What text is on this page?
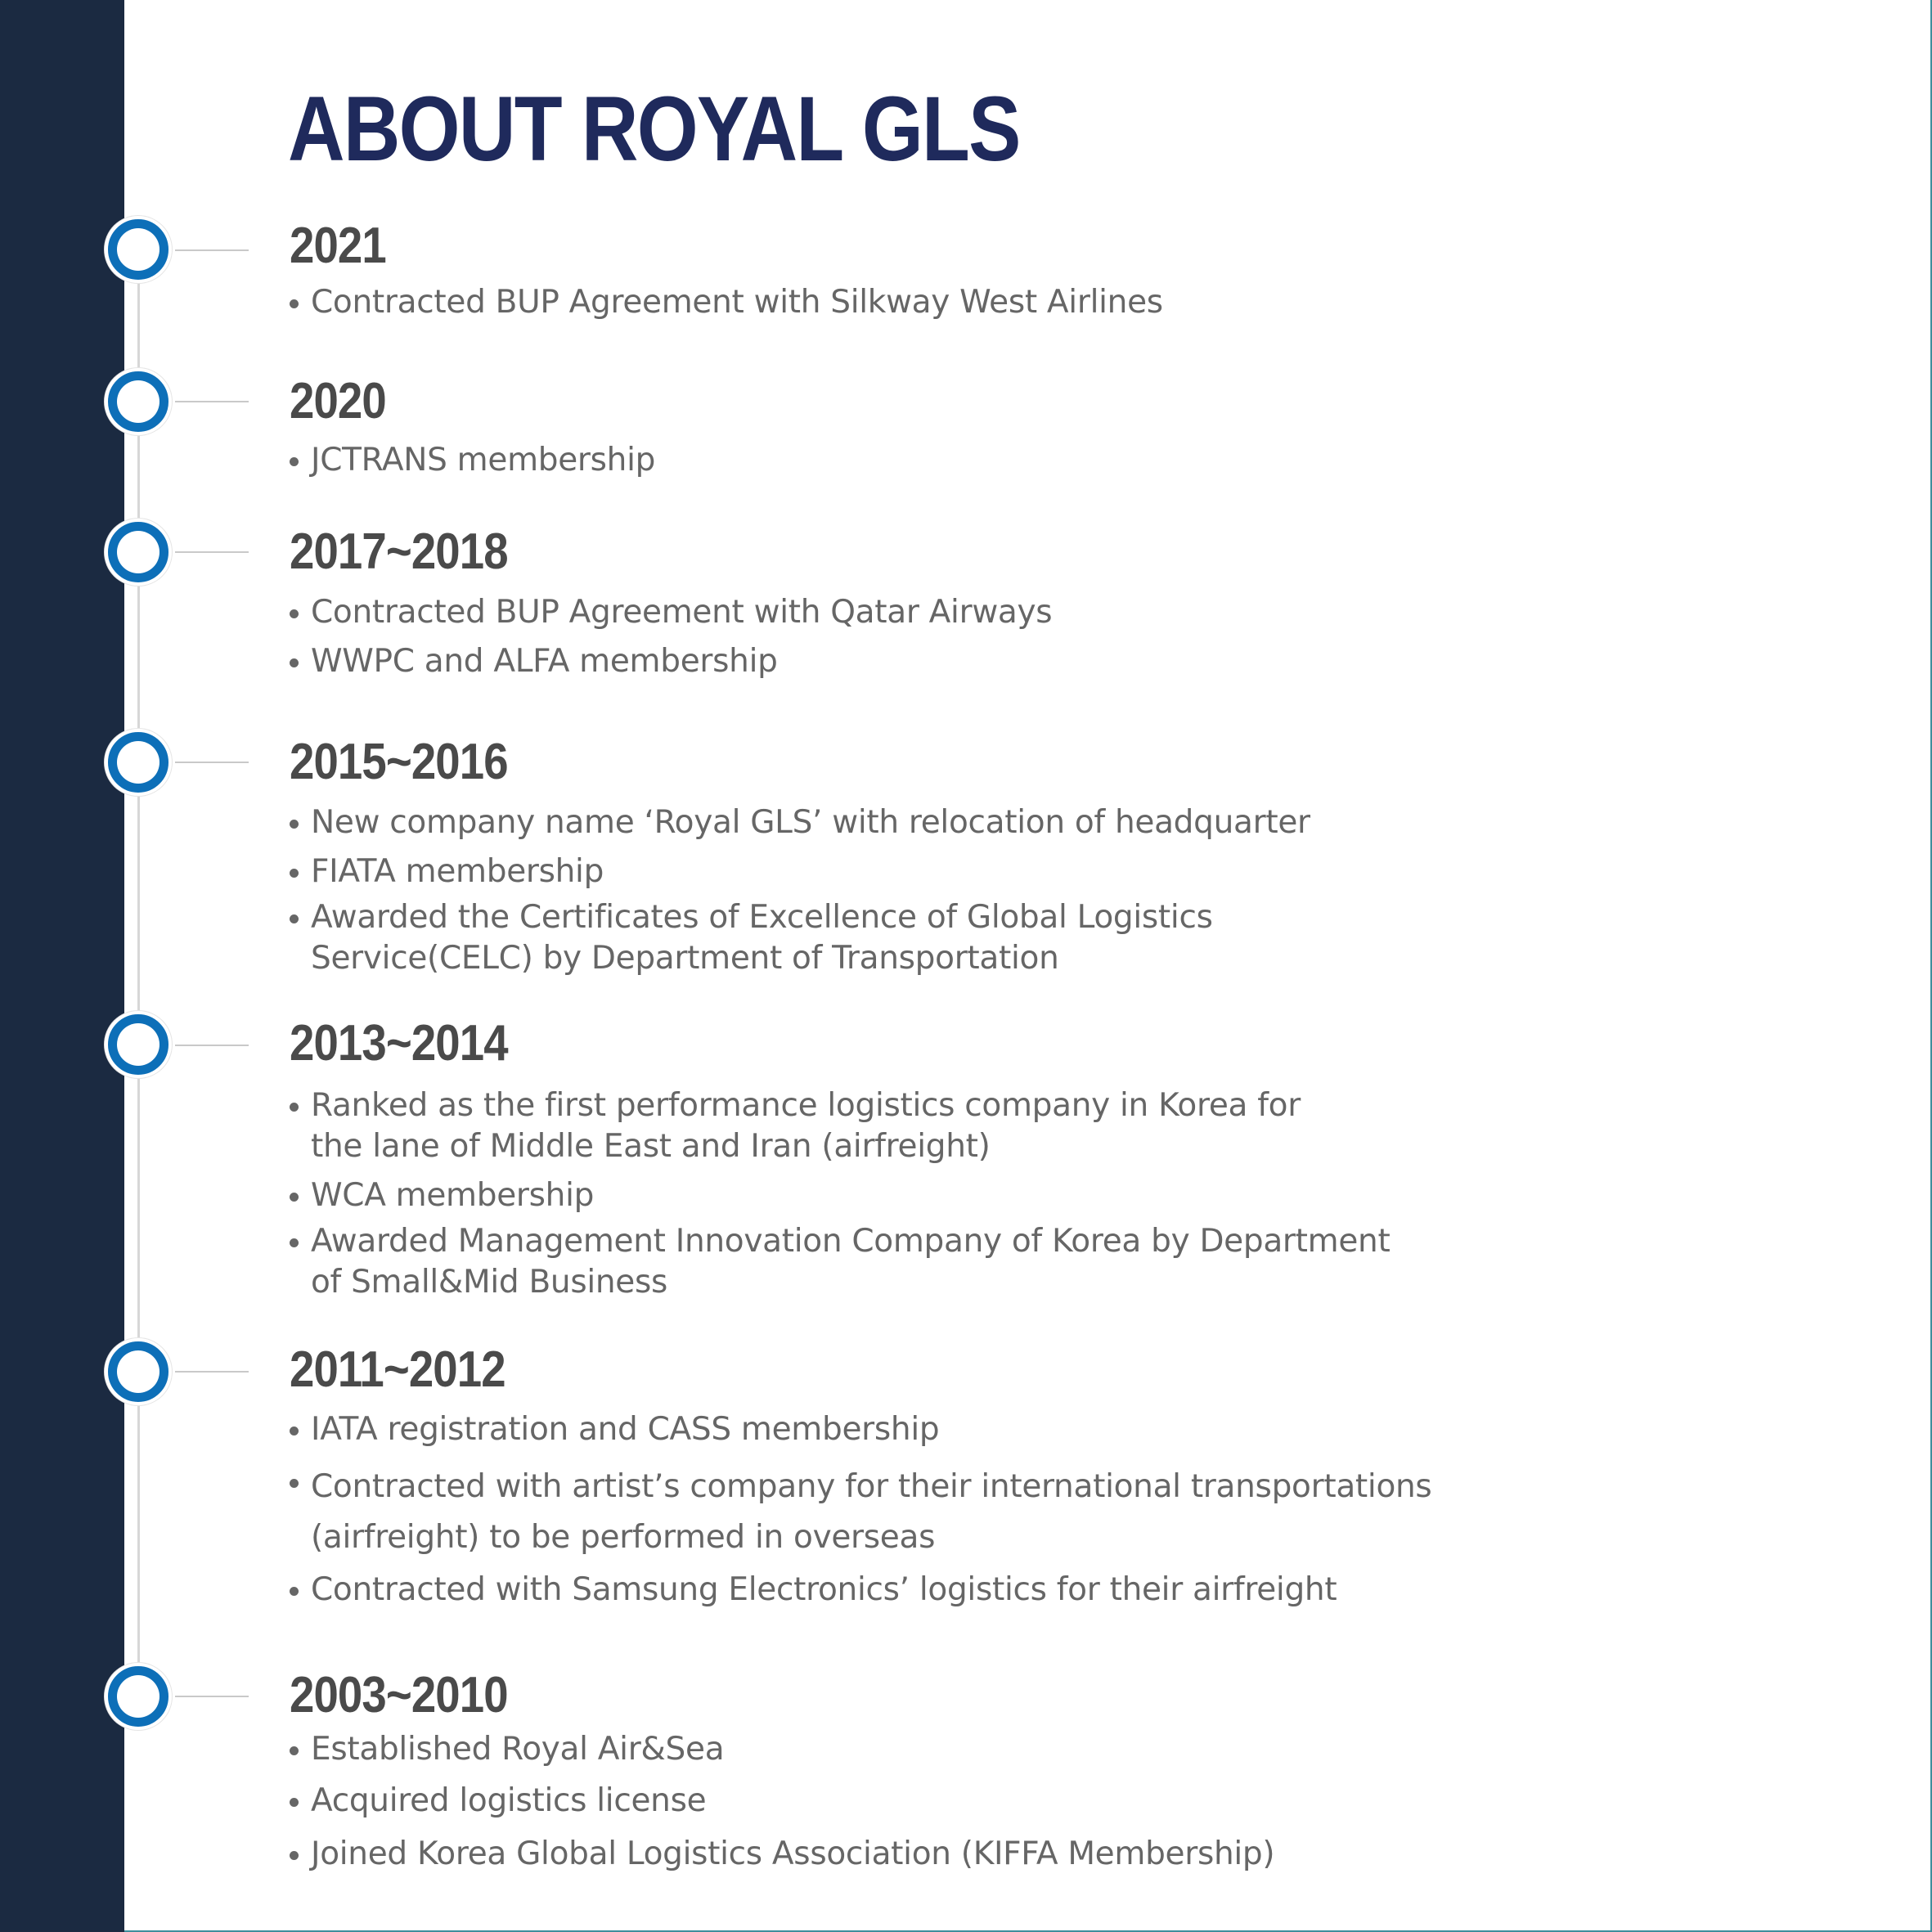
ABOUT ROYAL GLS
2021
Contracted BUP Agreement with Silkway West Airlines
2020
JCTRANS membership
2017~2018
Contracted BUP Agreement with Qatar Airways
WWPC and ALFA membership
2015~2016
New company name ‘Royal GLS’ with relocation of headquarter
FIATA membership
Awarded the Certificates of Excellence of Global Logistics
Service(CELC) by Department of Transportation
2013~2014
Ranked as the first performance logistics company in Korea for
the lane of Middle East and Iran (airfreight)
WCA membership
Awarded Management Innovation Company of Korea by Department
of Small&Mid Business
2011~2012
IATA registration and CASS membership
Contracted with artist’s company for their international transportations
(airfreight) to be performed in overseas
Contracted with Samsung Electronics’ logistics for their airfreight
2003~2010
Established Royal Air&Sea
Acquired logistics license
Joined Korea Global Logistics Association (KIFFA Membership)
